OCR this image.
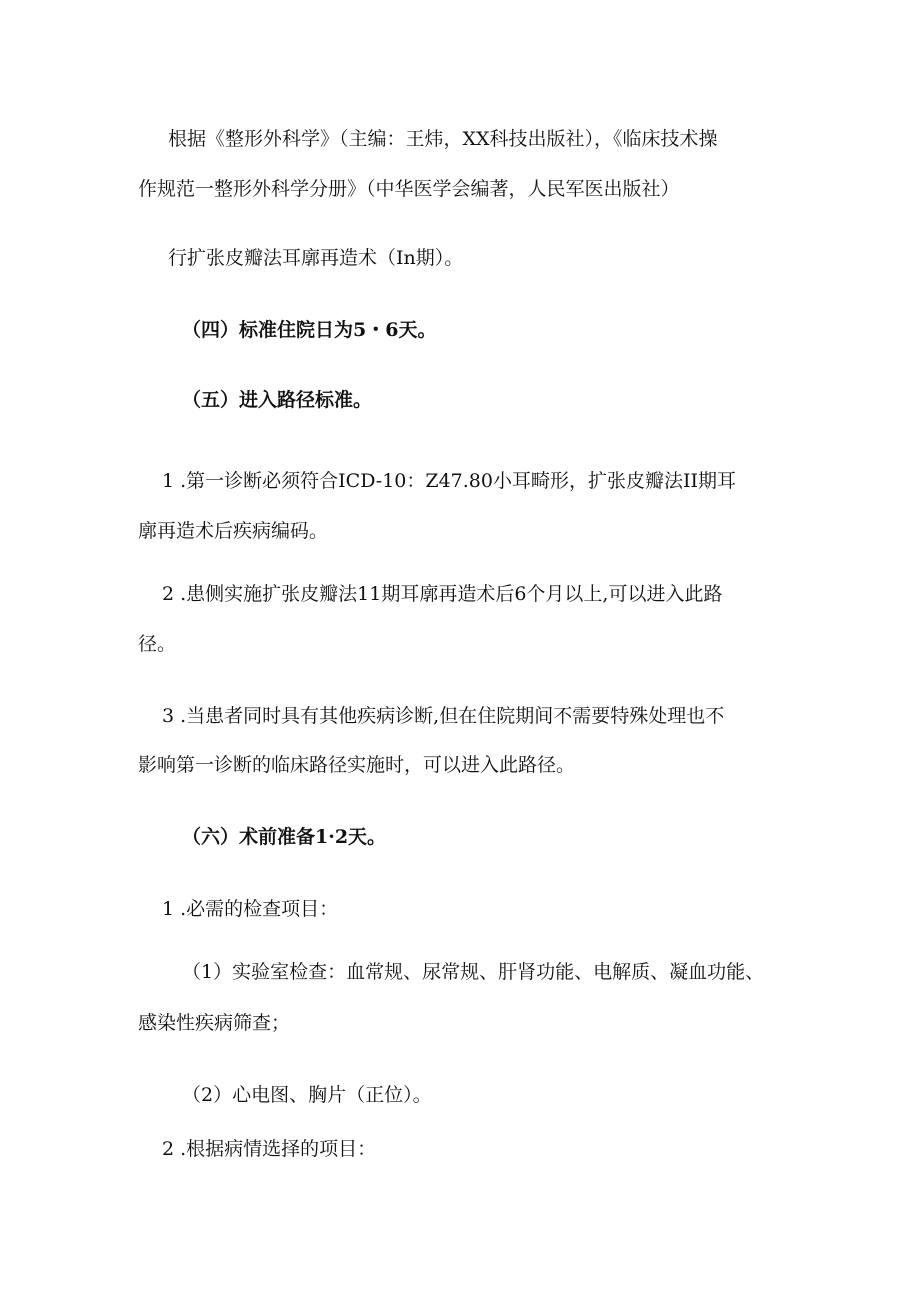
根据《整形外科学》（主编：王炜，XX科技出版社），《临床技术操
作规范一整形外科学分册》（中华医学会编著，人民军医出版社）
行扩张皮瓣法耳廓再造术（In期）。
（四）标准住院日为5・6天。
（五）进入路径标准。
1 .第一诊断必须符合ICD-10：Z47.80小耳畸形，扩张皮瓣法II期耳
廓再造术后疾病编码。
2 .患侧实施扩张皮瓣法11期耳廓再造术后6个月以上,可以进入此路
径。
3 .当患者同时具有其他疾病诊断,但在住院期间不需要特殊处理也不
影响第一诊断的临床路径实施时，可以进入此路径。
（六）术前准备1·2天。
1 .必需的检查项目：
（1）实验室检查：血常规、尿常规、肝肾功能、电解质、凝血功能、
感染性疾病筛查；
（2）心电图、胸片（正位）。
2 .根据病情选择的项目：
